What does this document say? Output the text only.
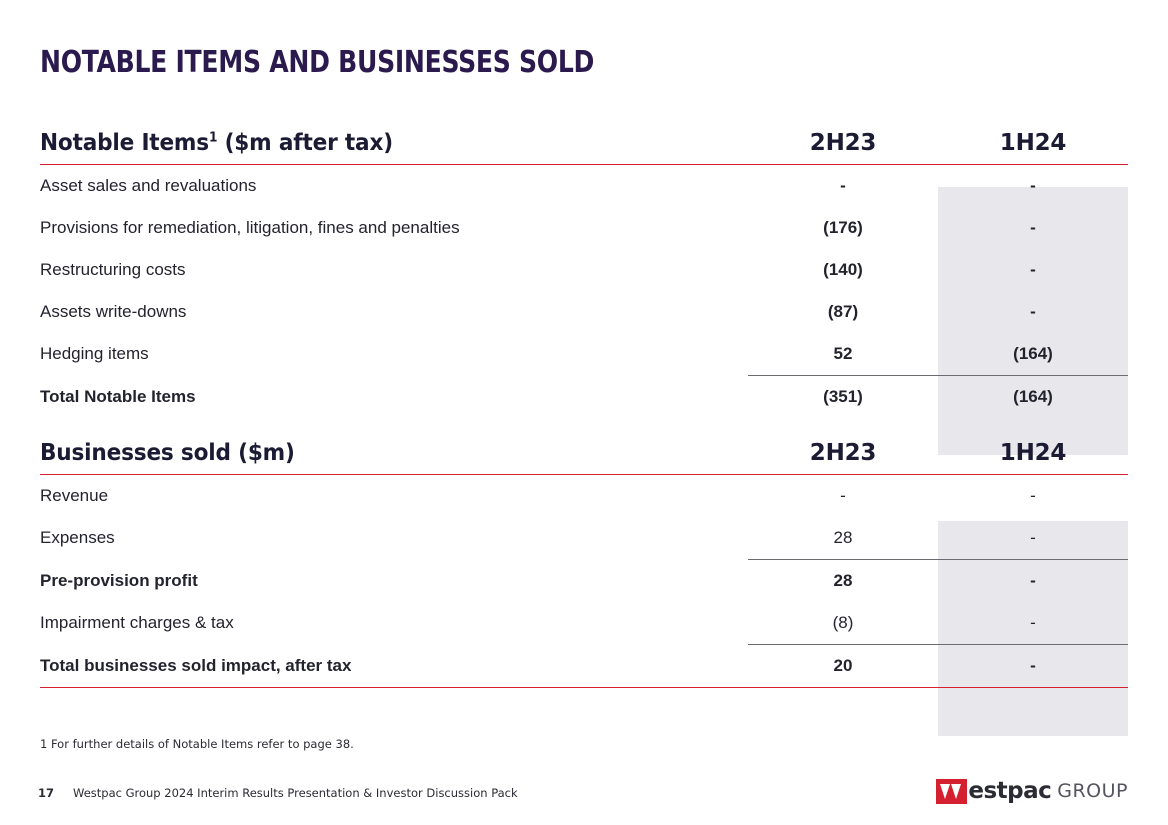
NOTABLE ITEMS AND BUSINESSES SOLD
Notable Items$^1$ ($m after tax)	2H23	1H24

Asset sales and revaluations	-	-
Provisions for remediation, litigation, fines and penalties	(176)	-
Restructuring costs	(140)	-
Assets write-downs	(87)	-
Hedging items	52	(164)

Total Notable Items	(351)	(164)
Businesses sold ($m)	2H23	1H24

Revenue	-	-
Expenses	28	-

Pre-provision profit	28	-
Impairment charges & tax	(8)	-

Total businesses sold impact, after tax	20	-

1 For further details of Notable Items refer to page 38.
17 Westpac Group 2024 Interim Results Presentation & Investor Discussion Pack	estpac GROUP
